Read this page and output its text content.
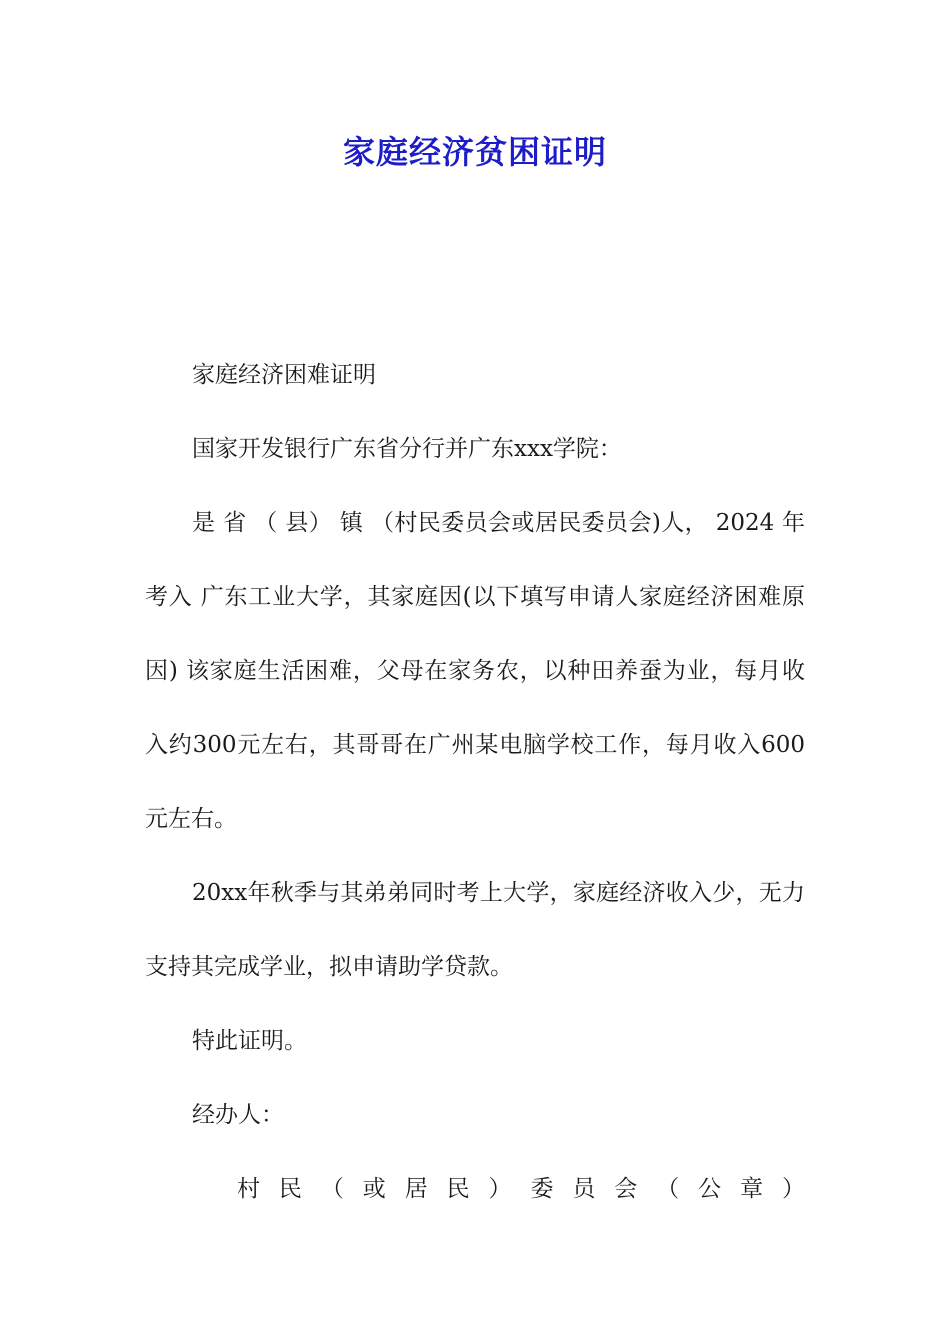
家庭经济贫困证明

家庭经济困难证明

国家开发银行广东省分行并广东xxx学院：

是 省 （ 县） 镇 （村民委员会或居民委员会)人， 2024 年考入 广东工业大学，其家庭因(以下填写申请人家庭经济困难原因) 该家庭生活困难，父母在家务农，以种田养蚕为业，每月收入约300元左右，其哥哥在广州某电脑学校工作，每月收入600元左右。

20xx年秋季与其弟弟同时考上大学，家庭经济收入少，无力支持其完成学业，拟申请助学贷款。

特此证明。

经办人：

村 民 （ 或 居 民 ） 委 员 会 （ 公 章 ）
